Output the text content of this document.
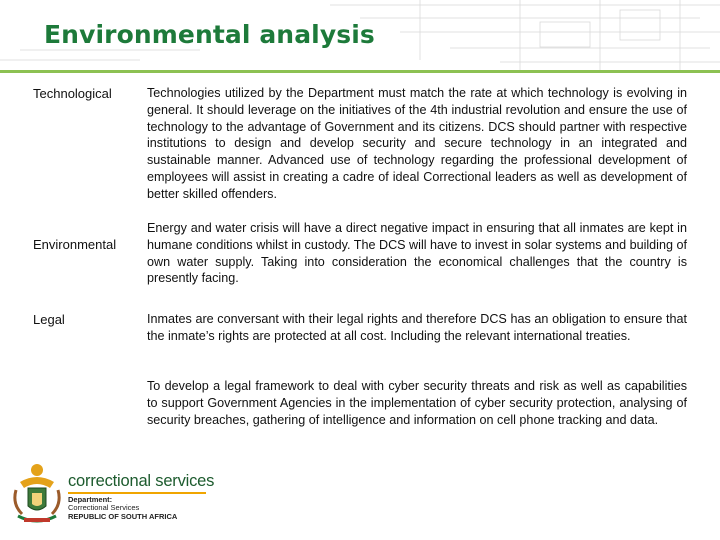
Environmental analysis
Technological	Technologies utilized by the Department must match the rate at which technology is evolving in general. It should leverage on the initiatives of the 4th industrial revolution and ensure the use of technology to the advantage of Government and its citizens. DCS should partner with respective institutions to design and develop security and secure technology in an integrated and sustainable manner. Advanced use of technology regarding the professional development of employees will assist in creating a cadre of ideal Correctional leaders as well as development of better skilled offenders.

Environmental

Energy and water crisis will have a direct negative impact in ensuring that all inmates are kept in humane conditions whilst in custody. The DCS will have to invest in solar systems and building of own water supply. Taking into consideration the economical challenges that the country is presently facing.

Legal	Inmates are conversant with their legal rights and therefore DCS has an obligation to ensure that the inmate’s rights are protected at all cost. Including the relevant international treaties.

To develop a legal framework to deal with cyber security threats and risk as well as capabilities to support Government Agencies in the implementation of cyber security protection, analysing of security breaches, gathering of intelligence and information on cell phone tracking and data.

correctional services
Department:
Correctional Services
REPUBLIC OF SOUTH AFRICA
